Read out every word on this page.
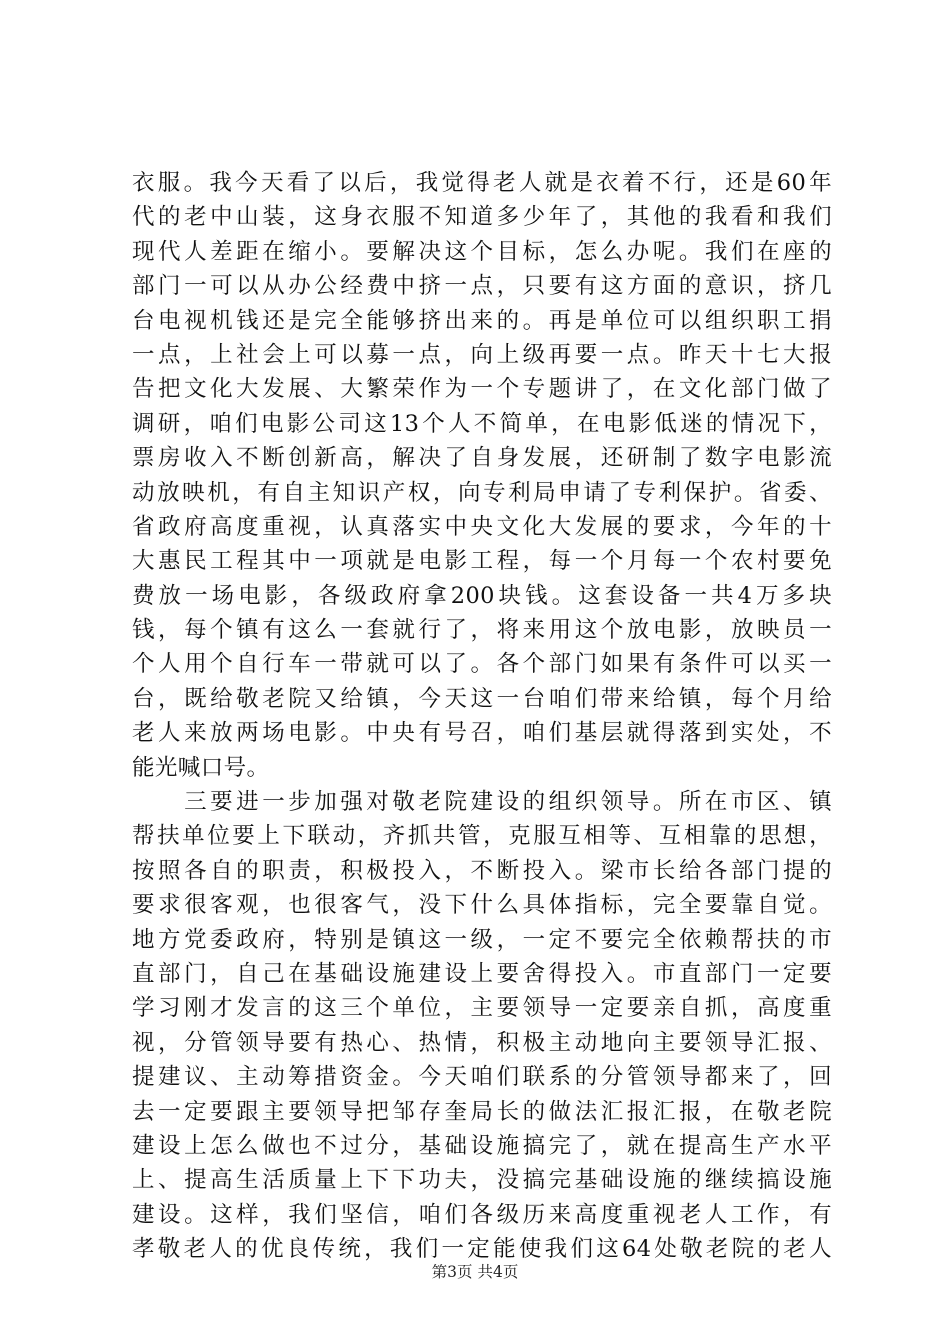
衣服。我今天看了以后，我觉得老人就是衣着不行，还是60年
代的老中山装，这身衣服不知道多少年了，其他的我看和我们
现代人差距在缩小。要解决这个目标，怎么办呢。我们在座的
部门一可以从办公经费中挤一点，只要有这方面的意识，挤几
台电视机钱还是完全能够挤出来的。再是单位可以组织职工捐
一点，上社会上可以募一点，向上级再要一点。昨天十七大报
告把文化大发展、大繁荣作为一个专题讲了，在文化部门做了
调研，咱们电影公司这13个人不简单，在电影低迷的情况下，
票房收入不断创新高，解决了自身发展，还研制了数字电影流
动放映机，有自主知识产权，向专利局申请了专利保护。省委、
省政府高度重视，认真落实中央文化大发展的要求，今年的十
大惠民工程其中一项就是电影工程，每一个月每一个农村要免
费放一场电影，各级政府拿200块钱。这套设备一共4万多块
钱，每个镇有这么一套就行了，将来用这个放电影，放映员一
个人用个自行车一带就可以了。各个部门如果有条件可以买一
台，既给敬老院又给镇，今天这一台咱们带来给镇，每个月给
老人来放两场电影。中央有号召，咱们基层就得落到实处，不
能光喊口号。
　　三要进一步加强对敬老院建设的组织领导。所在市区、镇
帮扶单位要上下联动，齐抓共管，克服互相等、互相靠的思想，
按照各自的职责，积极投入，不断投入。梁市长给各部门提的
要求很客观，也很客气，没下什么具体指标，完全要靠自觉。
地方党委政府，特别是镇这一级，一定不要完全依赖帮扶的市
直部门，自己在基础设施建设上要舍得投入。市直部门一定要
学习刚才发言的这三个单位，主要领导一定要亲自抓，高度重
视，分管领导要有热心、热情，积极主动地向主要领导汇报、
提建议、主动筹措资金。今天咱们联系的分管领导都来了，回
去一定要跟主要领导把邹存奎局长的做法汇报汇报，在敬老院
建设上怎么做也不过分，基础设施搞完了，就在提高生产水平
上、提高生活质量上下下功夫，没搞完基础设施的继续搞设施
建设。这样，我们坚信，咱们各级历来高度重视老人工作，有
孝敬老人的优良传统，我们一定能使我们这64处敬老院的老人
第3页 共4页
